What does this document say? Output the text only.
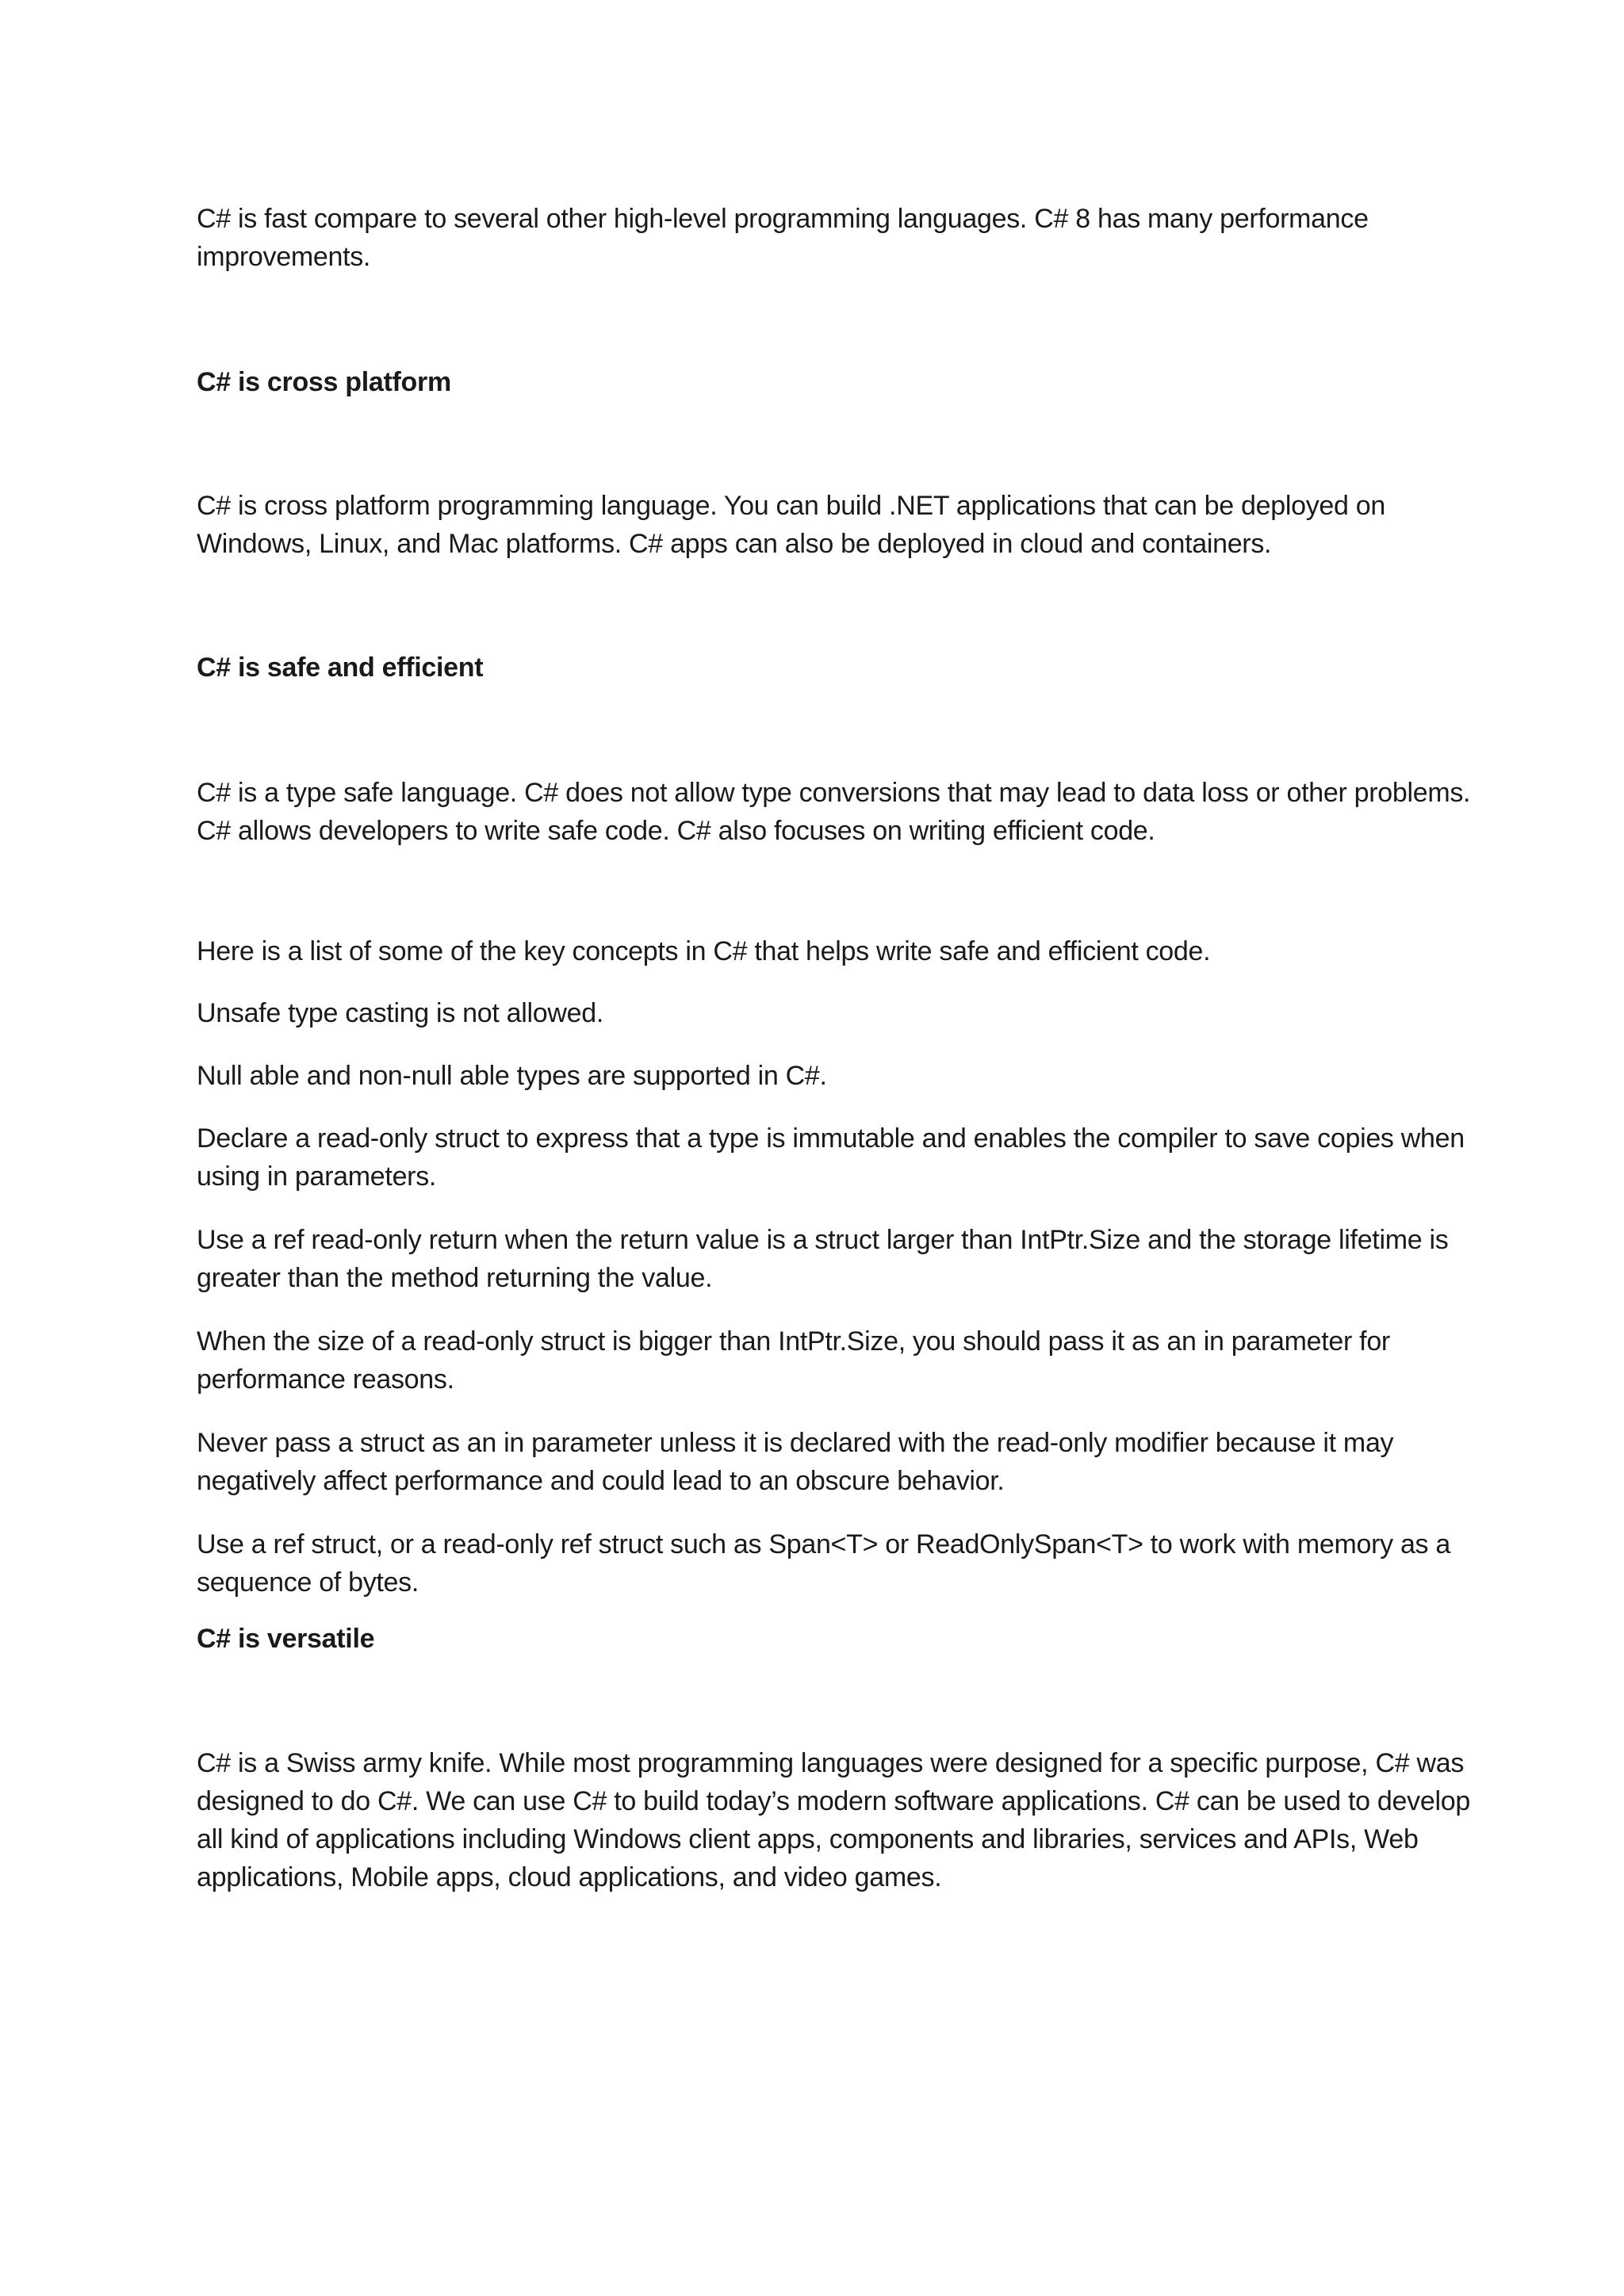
C# is fast compare to several other high-level programming languages. C# 8 has many performance improvements.

C# is cross platform

C# is cross platform programming language. You can build .NET applications that can be deployed on Windows, Linux, and Mac platforms. C# apps can also be deployed in cloud and containers.

C# is safe and efficient

C# is a type safe language. C# does not allow type conversions that may lead to data loss or other problems. C# allows developers to write safe code. C# also focuses on writing efficient code.

Here is a list of some of the key concepts in C# that helps write safe and efficient code.

Unsafe type casting is not allowed.

Null able and non-null able types are supported in C#.

Declare a read-only struct to express that a type is immutable and enables the compiler to save copies when using in parameters.

Use a ref read-only return when the return value is a struct larger than IntPtr.Size and the storage lifetime is greater than the method returning the value.

When the size of a read-only struct is bigger than IntPtr.Size, you should pass it as an in parameter for performance reasons.

Never pass a struct as an in parameter unless it is declared with the read-only modifier because it may negatively affect performance and could lead to an obscure behavior.

Use a ref struct, or a read-only ref struct such as Span<T> or ReadOnlySpan<T> to work with memory as a sequence of bytes.

C# is versatile

C# is a Swiss army knife. While most programming languages were designed for a specific purpose, C# was designed to do C#. We can use C# to build today’s modern software applications. C# can be used to develop all kind of applications including Windows client apps, components and libraries, services and APIs, Web applications, Mobile apps, cloud applications, and video games.
